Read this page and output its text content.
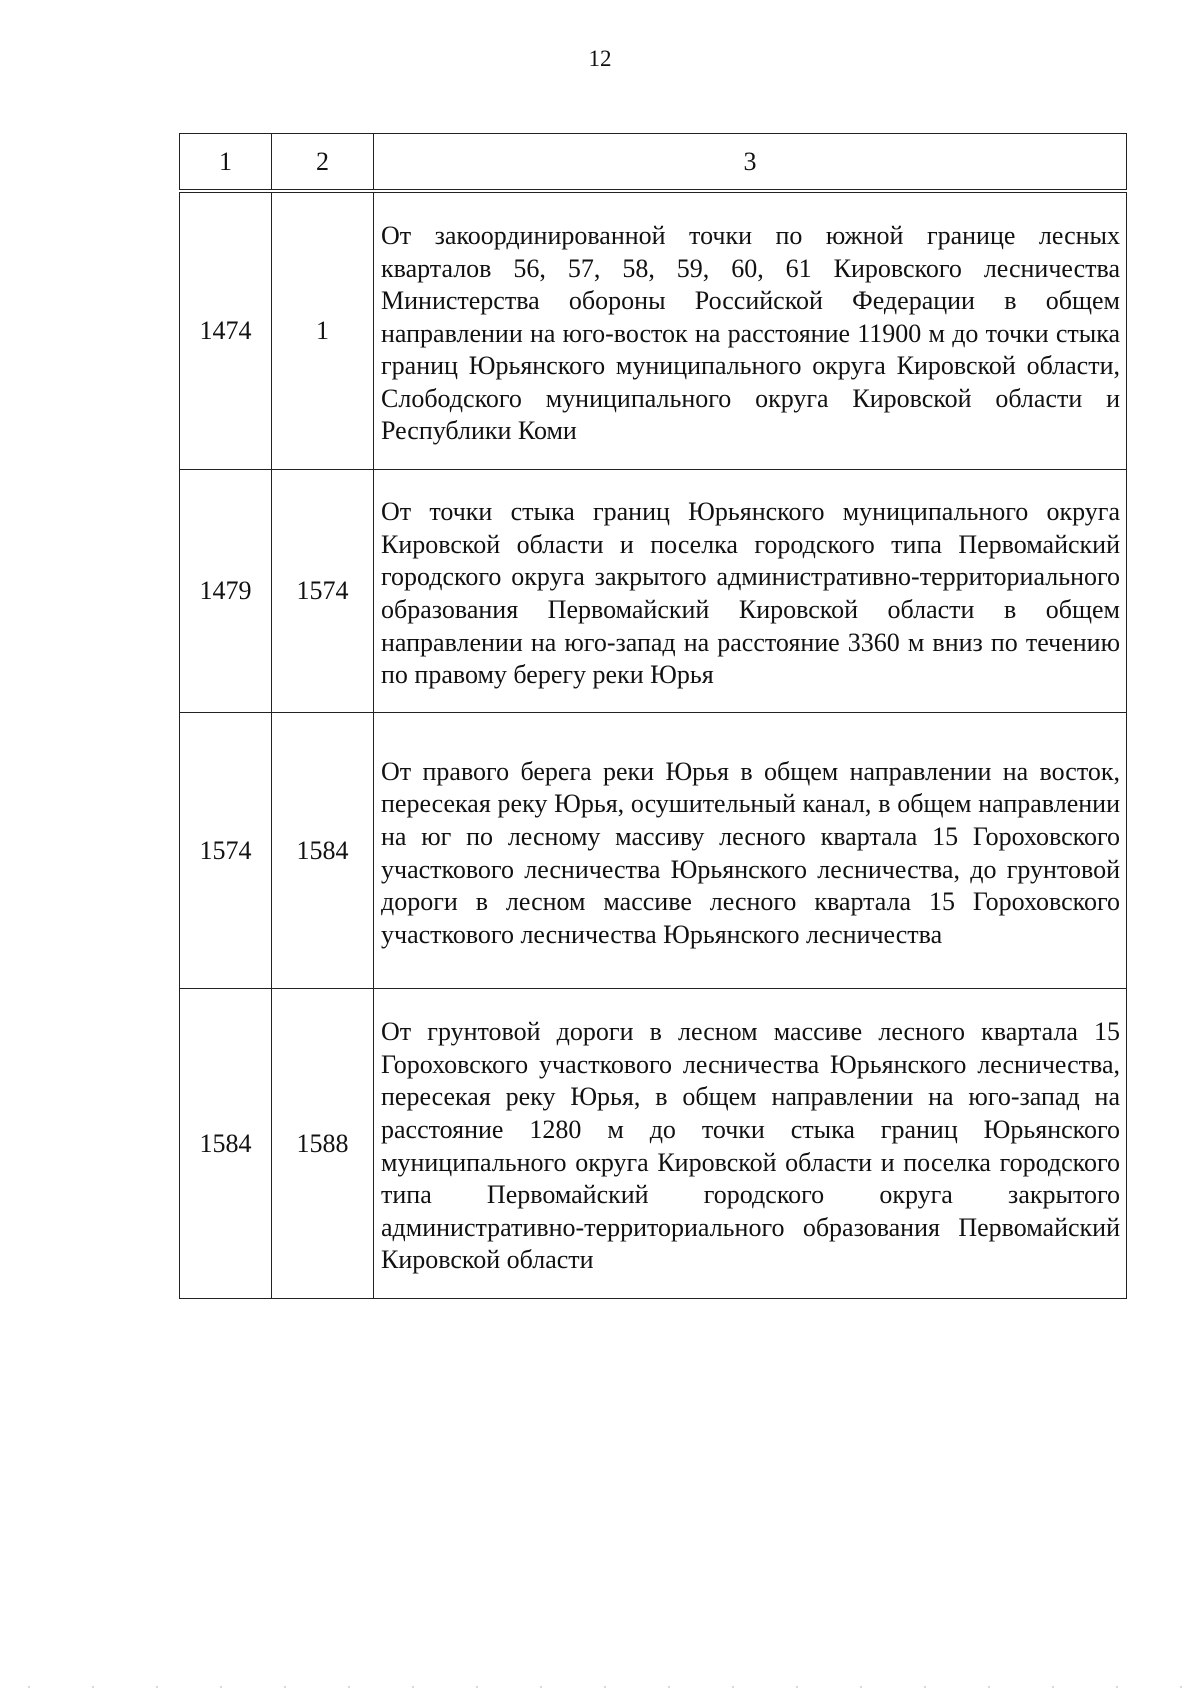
12
1	2	3
1474	1	От закоординированной точки по южной границе лесных кварталов 56, 57, 58, 59, 60, 61 Кировского лесничества Министерства обороны Российской Федерации в общем направлении на юго-восток на расстояние 11900 м до точки стыка границ Юрьянского муниципального округа Кировской области, Слободского муниципального округа Кировской области и Республики Коми
1479	1574	От точки стыка границ Юрьянского муниципального округа Кировской области и поселка городского типа Первомайский городского округа закрытого административно-территориального образования Первомайский Кировской области в общем направлении на юго-запад на расстояние 3360 м вниз по течению по правому берегу реки Юрья
1574	1584	От правого берега реки Юрья в общем направлении на восток, пересекая реку Юрья, осушительный канал, в общем направлении на юг по лесному массиву лесного квартала 15 Гороховского участкового лесничества Юрьянского лесничества, до грунтовой дороги в лесном массиве лесного квартала 15 Гороховского участкового лесничества Юрьянского лесничества
1584	1588	От грунтовой дороги в лесном массиве лесного квартала 15 Гороховского участкового лесничества Юрьянского лесничества, пересекая реку Юрья, в общем направлении на юго-запад на расстояние 1280 м до точки стыка границ Юрьянского муниципального округа Кировской области и поселка городского типа Первомайский городского округа закрытого административно-территориального образования Первомайский Кировской области
